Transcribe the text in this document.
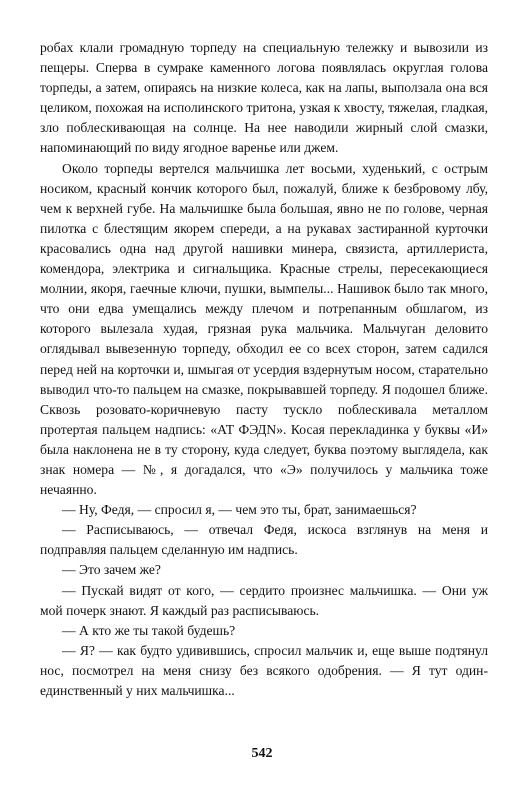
робах клали громадную торпеду на специальную тележку и вывозили из пещеры. Сперва в сумраке каменного логова появлялась округлая голова торпеды, а затем, опираясь на низкие колеса, как на лапы, выползала она вся целиком, похожая на исполинского тритона, узкая к хвосту, тяжелая, гладкая, зло поблескивающая на солнце. На нее наводили жирный слой смазки, напоминающий по виду ягодное варенье или джем.

Около торпеды вертелся мальчишка лет восьми, худенький, с острым носиком, красный кончик которого был, пожалуй, ближе к безбровому лбу, чем к верхней губе. На мальчишке была большая, явно не по голове, черная пилотка с блестящим якорем спереди, а на рукавах застиранной курточки красовались одна над другой нашивки минера, связиста, артиллериста, комендора, электрика и сигнальщика. Красные стрелы, пересекающиеся молнии, якоря, гаечные ключи, пушки, вымпелы... Нашивок было так много, что они едва умещались между плечом и потрепанным обшлагом, из которого вылезала худая, грязная рука мальчика. Мальчуган деловито оглядывал вывезенную торпеду, обходил ее со всех сторон, затем садился перед ней на корточки и, шмыгая от усердия вздернутым носом, старательно выводил что-то пальцем на смазке, покрывавшей торпеду. Я подошел ближе. Сквозь розовато-коричневую пасту тускло поблескивала металлом протертая пальцем надпись: «АТ ФЭДN». Косая перекладинка у буквы «И» была наклонена не в ту сторону, куда следует, буква поэтому выглядела, как знак номера — №, я догадался, что «Э» получилось у мальчика тоже нечаянно.

— Ну, Федя, — спросил я, — чем это ты, брат, занимаешься?

— Расписываюсь, — отвечал Федя, искоса взглянув на меня и подправляя пальцем сделанную им надпись.

— Это зачем же?

— Пускай видят от кого, — сердито произнес мальчишка. — Они уж мой почерк знают. Я каждый раз расписываюсь.

— А кто же ты такой будешь?

— Я? — как будто удивившись, спросил мальчик и, еще выше подтянул нос, посмотрел на меня снизу без всякого одобрения. — Я тут один-единственный у них мальчишка...

542
